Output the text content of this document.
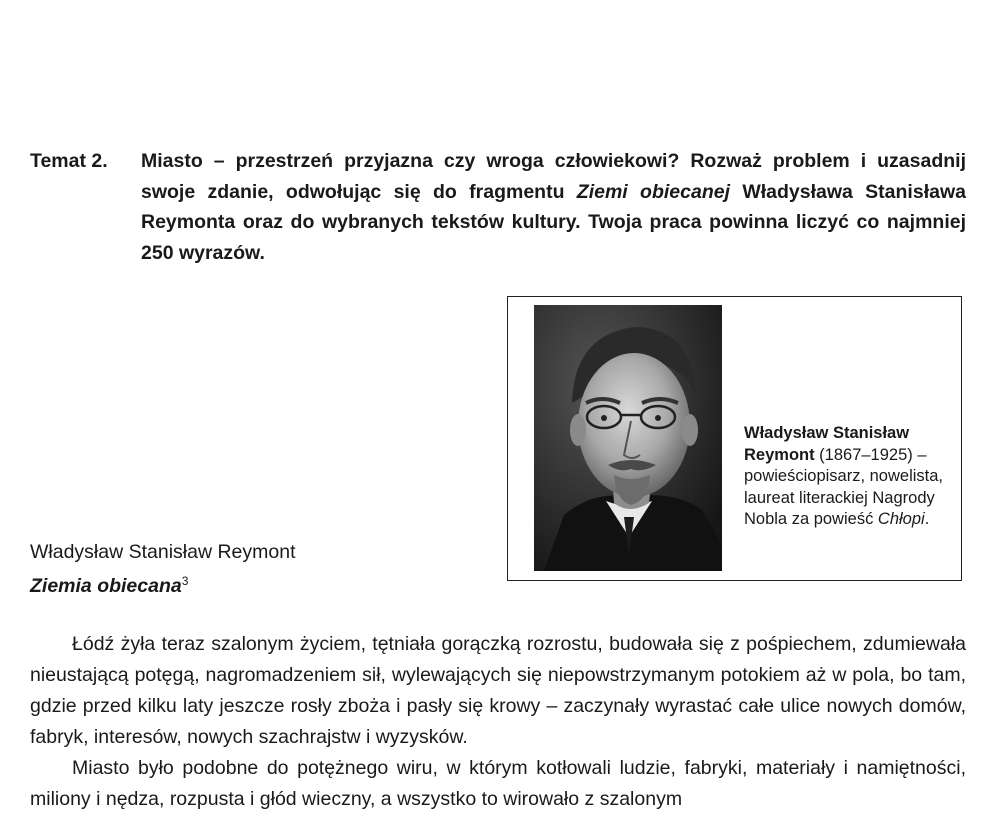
Temat 2. Miasto – przestrzeń przyjazna czy wroga człowiekowi? Rozważ problem i uzasadnij swoje zdanie, odwołując się do fragmentu Ziemi obiecanej Władysława Stanisława Reymonta oraz do wybranych tekstów kultury. Twoja praca powinna liczyć co najmniej 250 wyrazów.
Władysław Stanisław Reymont (1867–1925) – powieściopisarz, nowelista, laureat literackiej Nagrody Nobla za powieść Chłopi.
Władysław Stanisław Reymont
Ziemia obiecana$^3$

Łódź żyła teraz szalonym życiem, tętniała gorączką rozrostu, budowała się z pośpiechem, zdumiewała nieustającą potęgą, nagromadzeniem sił, wylewających się niepowstrzymanym potokiem aż w pola, bo tam, gdzie przed kilku laty jeszcze rosły zboża i pasły się krowy – zaczynały wyrastać całe ulice nowych domów, fabryk, interesów, nowych szachrajstw i wyzysków.

Miasto było podobne do potężnego wiru, w którym kotłowali ludzie, fabryki, materiały i namiętności, miliony i nędza, rozpusta i głód wieczny, a wszystko to wirowało z szalonym
